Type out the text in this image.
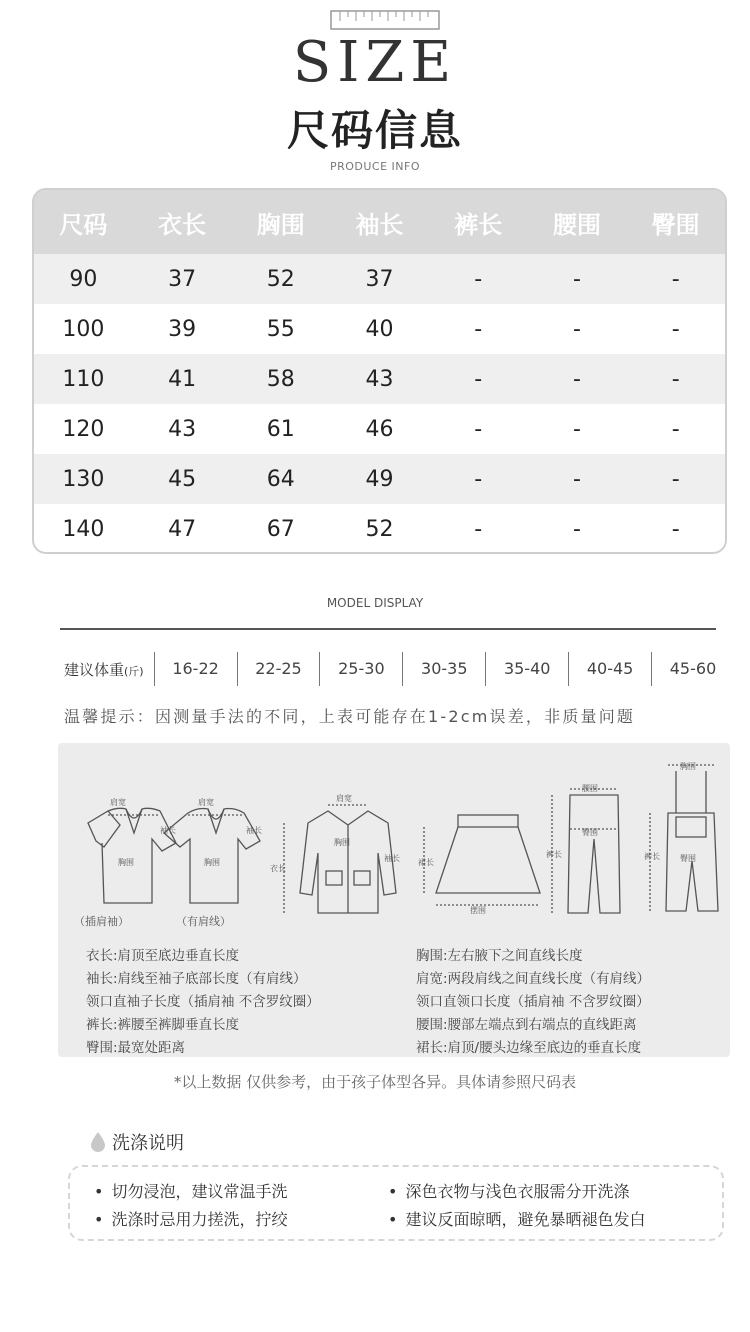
SIZE
尺码信息
PRODUCE INFO
尺码	衣长	胸围	袖长	裤长	腰围	臀围
90	37	52	37	-	-	-
100	39	55	40	-	-	-
110	41	58	43	-	-	-
120	43	61	46	-	-	-
130	45	64	49	-	-	-
140	47	67	52	-	-	-
MODEL DISPLAY
建议体重(斤)	16-22	22-25	25-30	30-35	35-40	40-45	45-60
温馨提示：因测量手法的不同，上表可能存在1-2cm误差，非质量问题
肩宽
袖长
胸围
（插肩袖）
肩宽
袖长
胸围
（有肩线）
肩宽
胸围
衣长
袖长 裙长
摆围
腰围
臀围
裤长
胸围
裤长	臀围
衣长:肩顶至底边垂直长度
袖长:肩线至袖子底部长度（有肩线）
领口直袖子长度（插肩袖 不含罗纹圈）
裤长:裤腰至裤脚垂直长度
臀围:最宽处距离
胸围:左右腋下之间直线长度
肩宽:两段肩线之间直线长度（有肩线）
领口直领口长度（插肩袖 不含罗纹圈）
腰围:腰部左端点到右端点的直线距离
裙长:肩顶/腰头边缘至底边的垂直长度
*以上数据 仅供参考，由于孩子体型各异。具体请参照尺码表
洗涤说明
• 切勿浸泡，建议常温手洗	• 深色衣物与浅色衣服需分开洗涤
• 洗涤时忌用力搓洗，拧绞	• 建议反面晾晒，避免暴晒褪色发白
